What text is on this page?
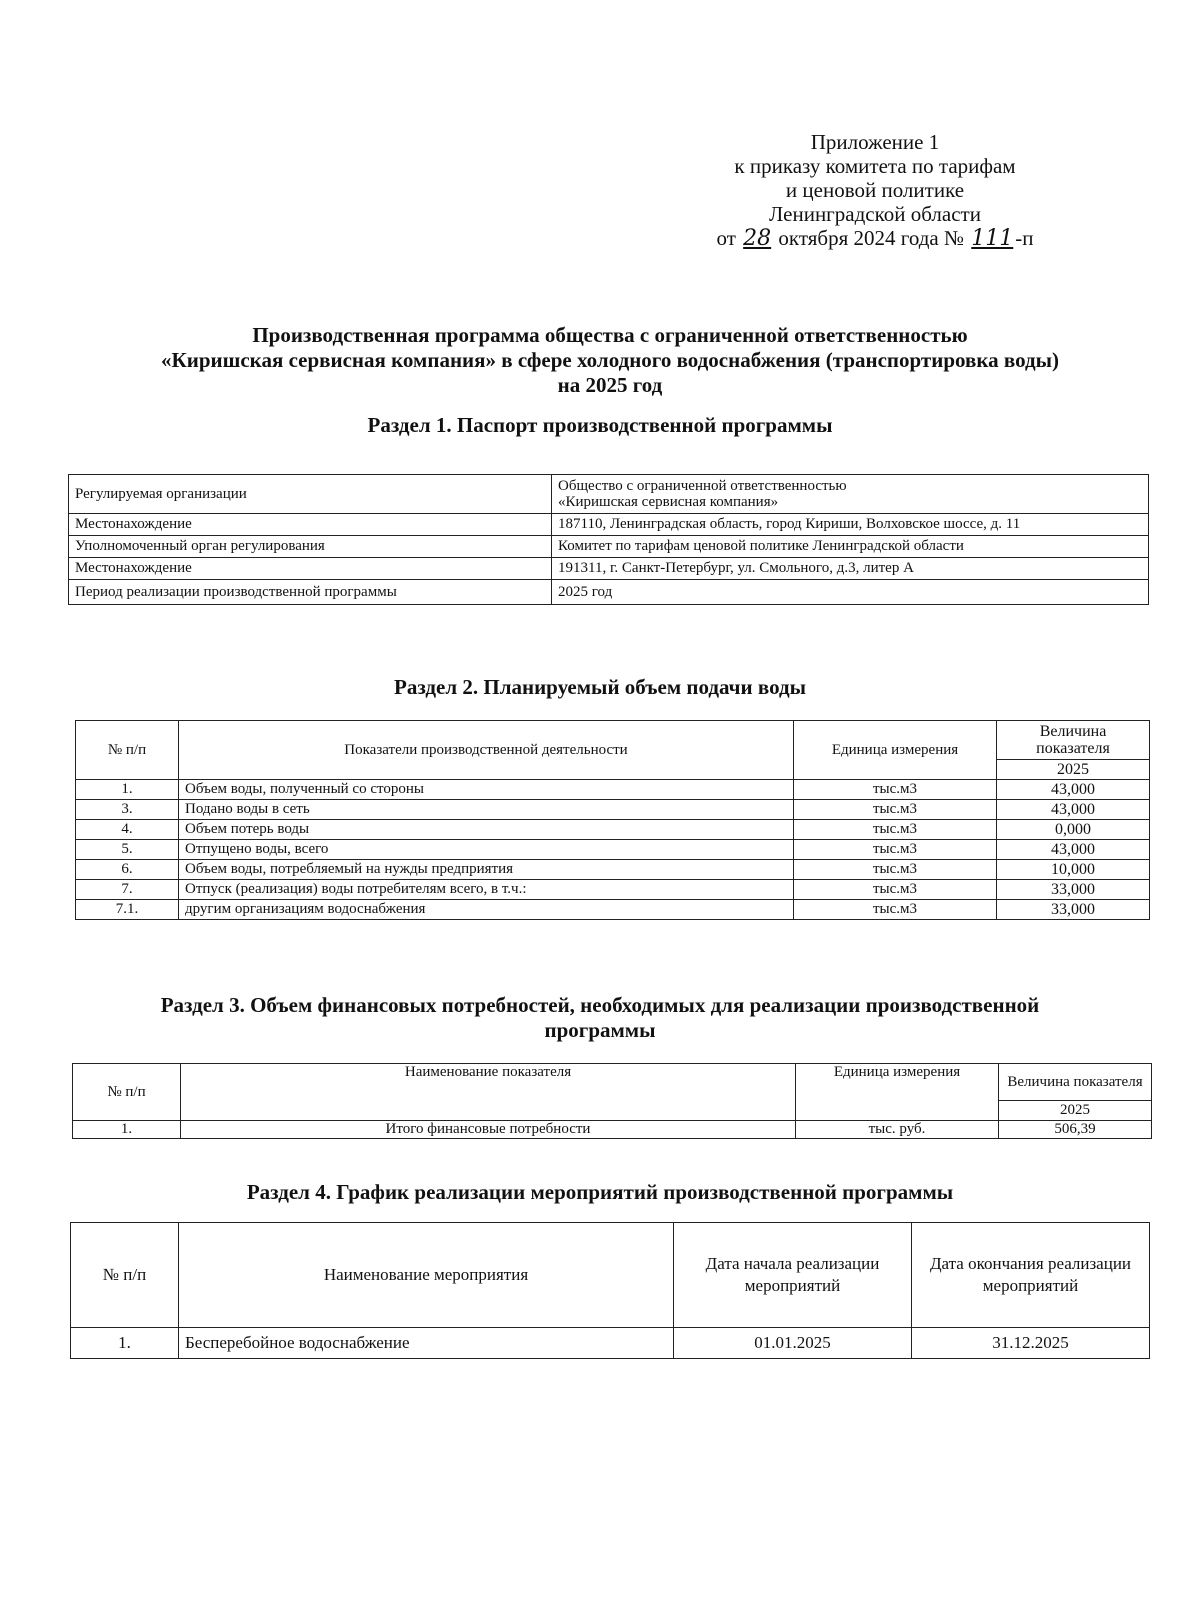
Приложение 1
к приказу комитета по тарифам
и ценовой политике
Ленинградской области
от 28 октября 2024 года № 111-п
Производственная программа общества с ограниченной ответственностью
«Киришская сервисная компания» в сфере холодного водоснабжения (транспортировка воды)
на 2025 год
Раздел 1. Паспорт производственной программы
Регулируемая организации	Общество с ограниченной ответственностью
«Киришская сервисная компания»

Местонахождение	187110, Ленинградская область, город Кириши, Волховское шоссе, д. 11
Уполномоченный орган регулирования	Комитет по тарифам ценовой политике Ленинградской области
Местонахождение	191311, г. Санкт-Петербург, ул. Смольного, д.3, литер А
Период реализации производственной программы	2025 год
Раздел 2. Планируемый объем подачи воды
№ п/п	Показатели производственной деятельности	Единица измерения	Величина показателя
			2025
1.	Объем воды, полученный со стороны	тыс.м3	43,000
3.	Подано воды в сеть	тыс.м3	43,000
4.	Объем потерь воды	тыс.м3	0,000
5.	Отпущено воды, всего	тыс.м3	43,000
6.	Объем воды, потребляемый на нужды предприятия	тыс.м3	10,000
7.	Отпуск (реализация) воды потребителям всего, в т.ч.:	тыс.м3	33,000
7.1.	другим организациям водоснабжения	тыс.м3	33,000
Раздел 3. Объем финансовых потребностей, необходимых для реализации производственной
программы
№ п/п	Наименование показателя	Единица измерения	Величина показателя
			2025
1.	Итого финансовые потребности	тыс. руб.	506,39
Раздел 4. График реализации мероприятий производственной программы
№ п/п	Наименование мероприятия	Дата начала реализации мероприятий	Дата окончания реализации мероприятий
1.	Бесперебойное водоснабжение	01.01.2025	31.12.2025
